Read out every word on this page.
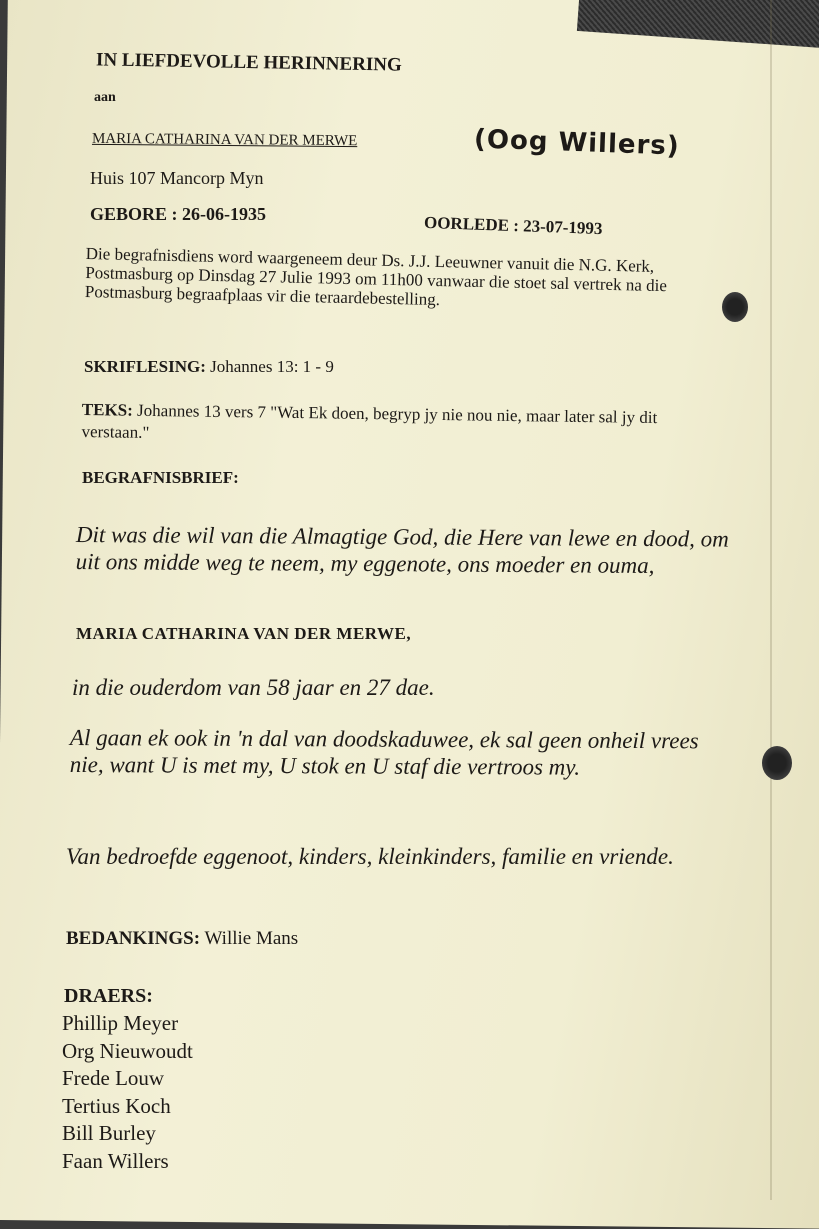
IN LIEFDEVOLLE HERINNERING
aan
MARIA CATHARINA VAN DER MERWE	(Oog Willers)
Huis 107 Mancorp Myn
GEBORE : 26-06-1935	OORLEDE : 23-07-1993
Die begrafnisdiens word waargeneem deur Ds. J.J. Leeuwner vanuit die N.G. Kerk, Postmasburg op Dinsdag 27 Julie 1993 om 11h00 vanwaar die stoet sal vertrek na die Postmasburg begraafplaas vir die teraardebestelling.
SKRIFLESING: Johannes 13: 1 - 9
TEKS: Johannes 13 vers 7 "Wat Ek doen, begryp jy nie nou nie, maar later sal jy dit verstaan."
BEGRAFNISBRIEF:
Dit was die wil van die Almagtige God, die Here van lewe en dood, om uit ons midde weg te neem, my eggenote, ons moeder en ouma,
MARIA CATHARINA VAN DER MERWE,
in die ouderdom van 58 jaar en 27 dae.
Al gaan ek ook in 'n dal van doodskaduwee, ek sal geen onheil vrees nie, want U is met my, U stok en U staf die vertroos my.
Van bedroefde eggenoot, kinders, kleinkinders, familie en vriende.
BEDANKINGS: Willie Mans
DRAERS:
Phillip Meyer
Org Nieuwoudt
Frede Louw
Tertius Koch
Bill Burley
Faan Willers
